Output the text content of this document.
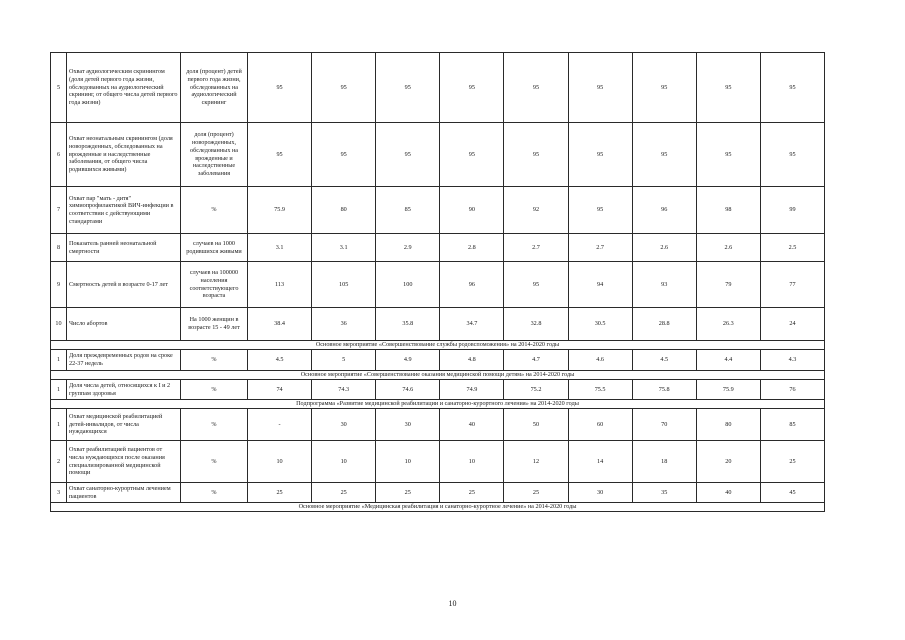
5	Охват аудиологическим скринингом (доля детей первого года жизни, обследованных на аудиологический скрининг, от общего числа детей первого года жизни)	доля (процент) детей первого года жизни, обследованных на аудиологический скрининг	95	95	95	95	95	95	95	95	95
6	Охват неонатальным скринингом (доля новорожденных, обследованных на врожденные и наследственные заболевания, от общего числа родившихся живыми)	доля (процент) новорожденных, обследованных на врожденные и наследственные заболевания	95	95	95	95	95	95	95	95	95
7	Охват пар "мать - дитя" химиопрофилактикой ВИЧ-инфекции в соответствии с действующими стандартами	%	75.9	80	85	90	92	95	96	98	99
8	Показатель ранней неонатальной смертности	случаев на 1000 родившихся живыми	3.1	3.1	2.9	2.8	2.7	2.7	2.6	2.6	2.5
9	Смертность детей в возрасте 0-17 лет	случаев на 100000 населения соответствующего возраста	113	105	100	96	95	94	93	79	77
10	Число абортов	На 1000 женщин в возрасте 15 - 49 лет	38.4	36	35.8	34.7	32.8	30.5	28.8	26.3	24
Основное мероприятие «Совершенствование службы родовспоможения» на 2014-2020 годы											
1	Доля преждевременных родов на сроке 22-37 недель	%	4.5	5	4.9	4.8	4.7	4.6	4.5	4.4	4.3
Основное мероприятие «Совершенствование оказания медицинской помощи детям» на 2014-2020 годы											
1	Доля числа детей, относящихся к I и 2 группам здоровья	%	74	74.3	74.6	74.9	75.2	75.5	75.8	75.9	76
Подпрограмма «Развитие медицинской реабилитации и санаторно-курортного лечения» на 2014-2020 годы											
1	Охват медицинской реабилитацией детей-инвалидов, от числа нуждающихся	%	-	30	30	40	50	60	70	80	85
2	Охват реабилитацией пациентов от числа нуждающихся после оказания специализированной медицинской помощи	%	10	10	10	10	12	14	18	20	25
3	Охват санаторно-курортным лечением пациентов	%	25	25	25	25	25	30	35	40	45
Основное мероприятие «Медицинская реабилитация и санаторно-курортное лечение» на 2014-2020 годы											
10
